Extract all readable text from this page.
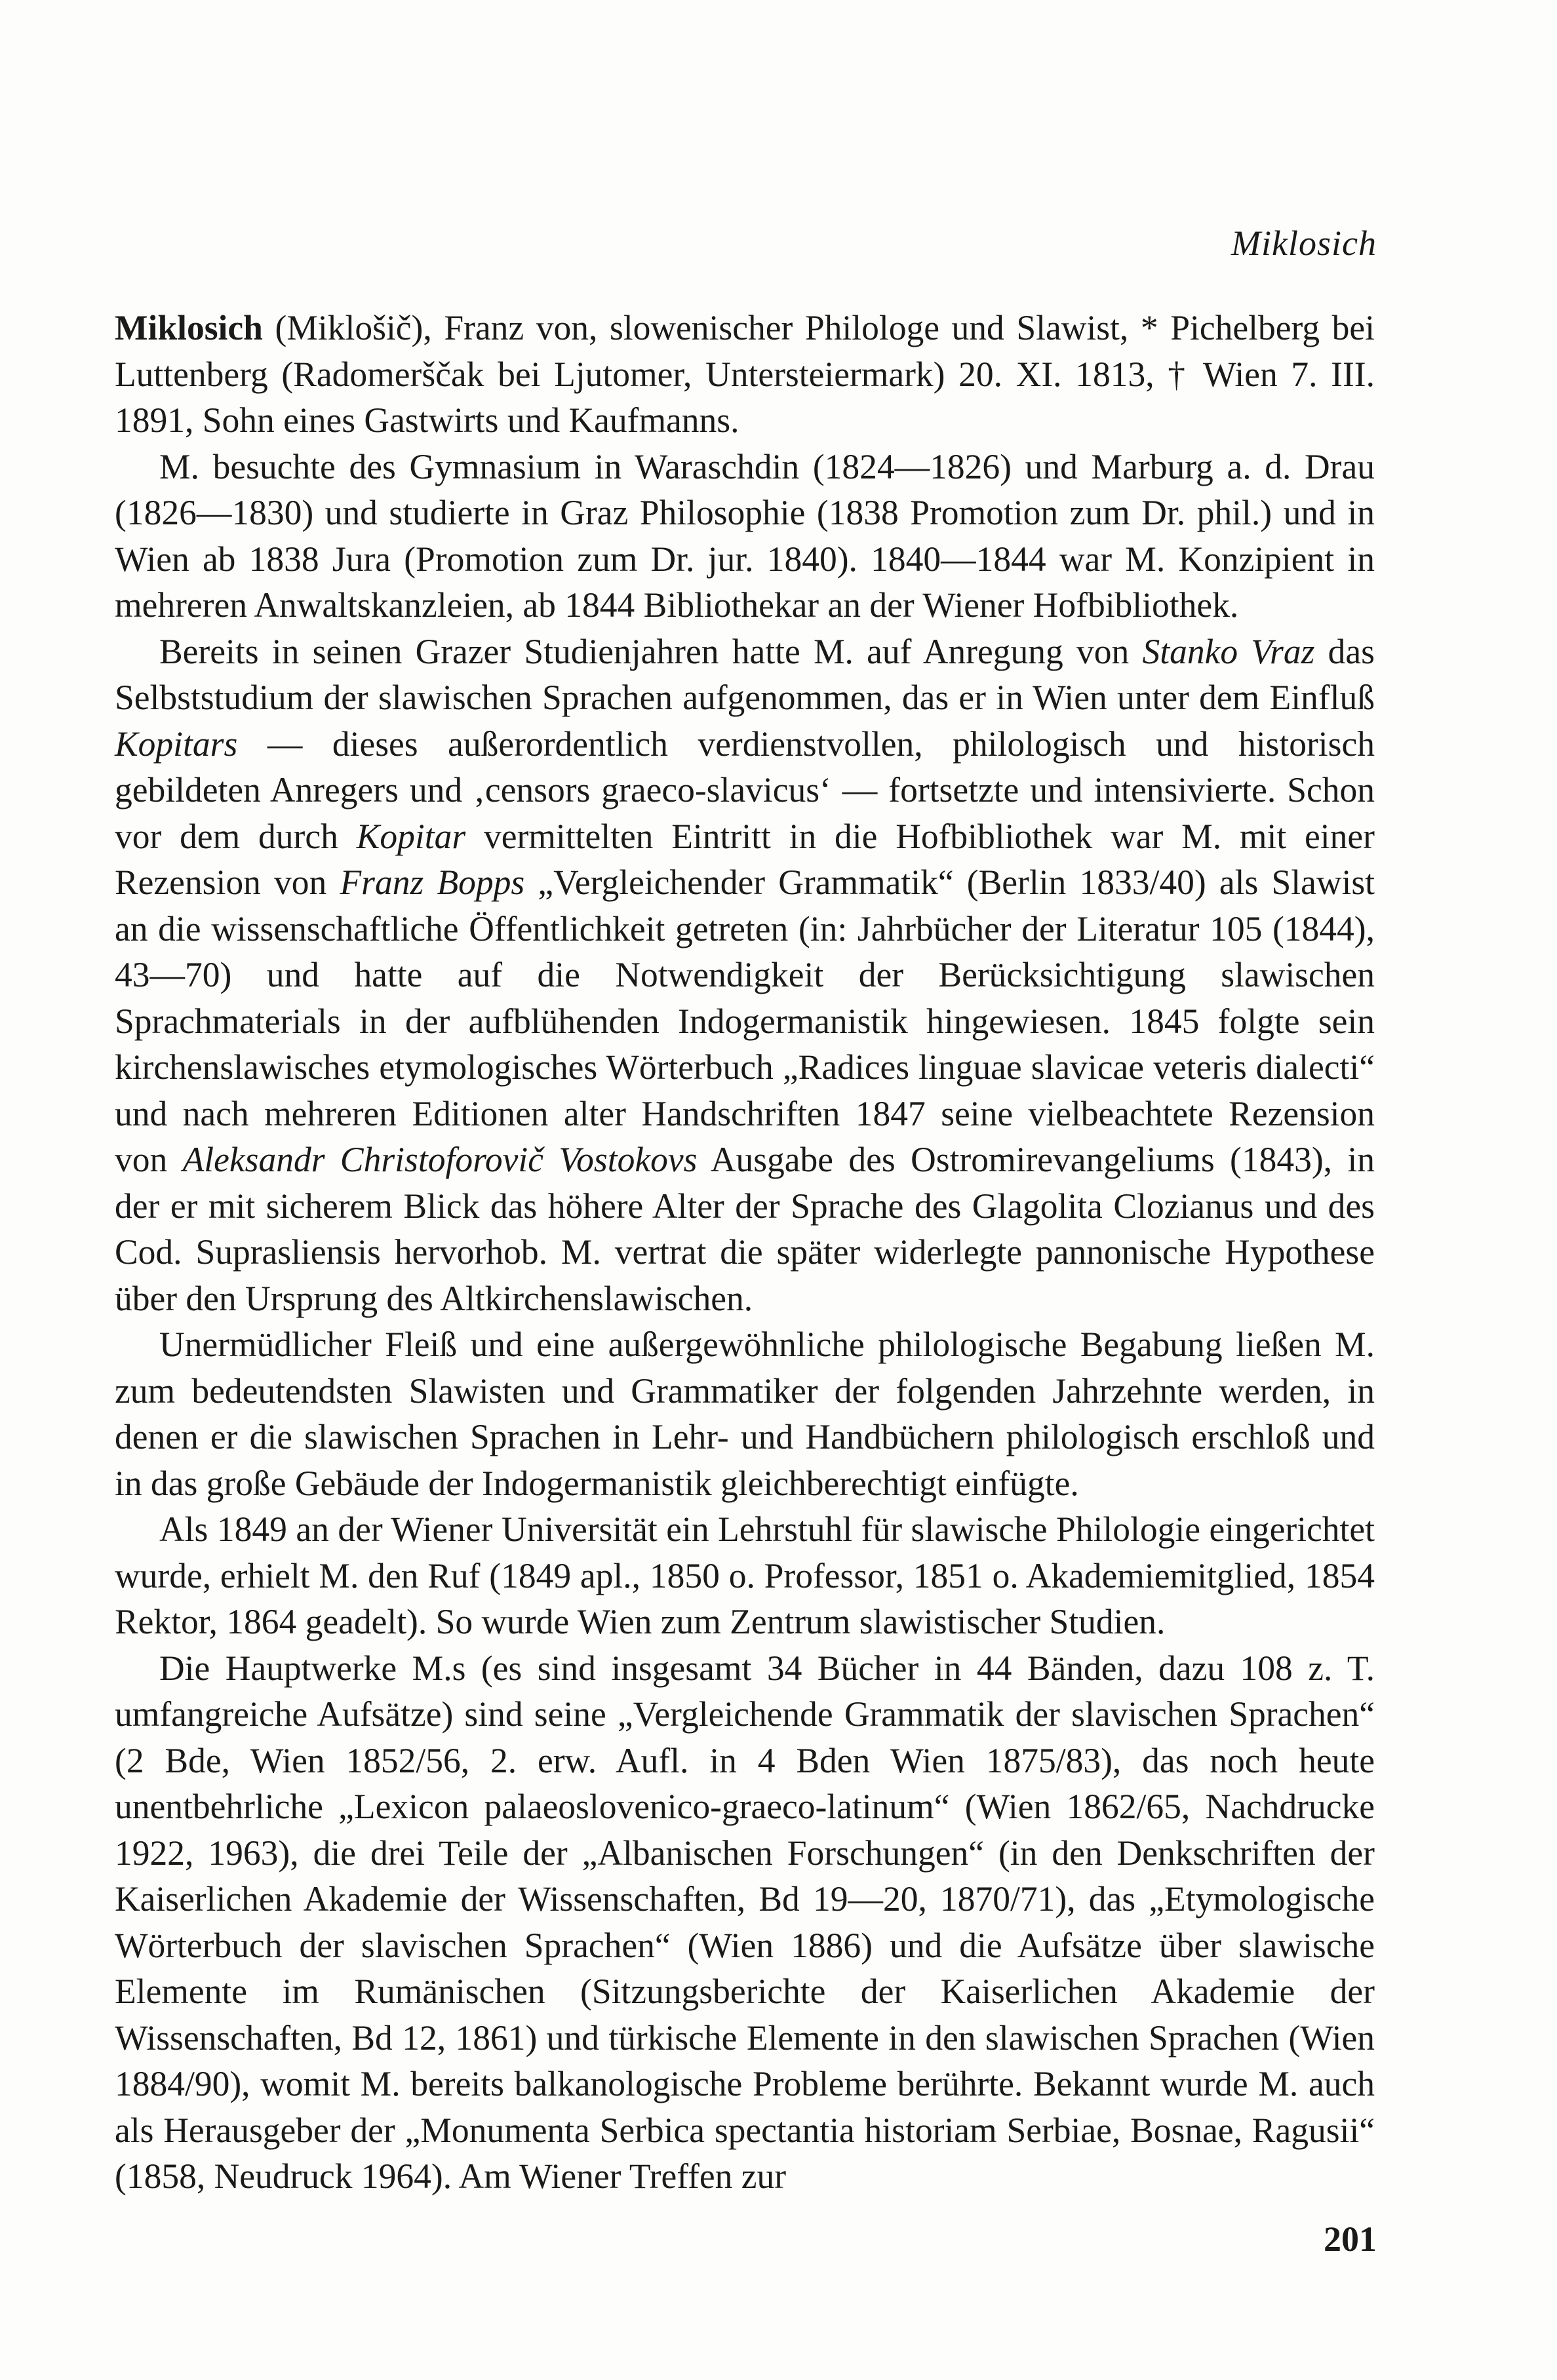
Miklosich

Miklosich (Miklošič), Franz von, slowenischer Philologe und Slawist, * Pichelberg bei Luttenberg (Radomerščak bei Ljutomer, Untersteiermark) 20. XI. 1813, † Wien 7. III. 1891, Sohn eines Gastwirts und Kaufmanns.

M. besuchte des Gymnasium in Waraschdin (1824—1826) und Marburg a. d. Drau (1826—1830) und studierte in Graz Philosophie (1838 Promotion zum Dr. phil.) und in Wien ab 1838 Jura (Promotion zum Dr. jur. 1840). 1840—1844 war M. Konzipient in mehreren Anwaltskanzleien, ab 1844 Bibliothekar an der Wiener Hofbibliothek.

Bereits in seinen Grazer Studienjahren hatte M. auf Anregung von Stanko Vraz das Selbststudium der slawischen Sprachen aufgenommen, das er in Wien unter dem Einfluß Kopitars — dieses außerordentlich verdienstvollen, philologisch und historisch gebildeten Anregers und ‚censors graeco-slavicus‘ — fortsetzte und intensivierte. Schon vor dem durch Kopitar vermittelten Eintritt in die Hofbibliothek war M. mit einer Rezension von Franz Bopps „Vergleichender Grammatik“ (Berlin 1833/40) als Slawist an die wissenschaftliche Öffentlichkeit getreten (in: Jahrbücher der Literatur 105 (1844), 43—70) und hatte auf die Notwendigkeit der Berücksichtigung slawischen Sprachmaterials in der aufblühenden Indogermanistik hingewiesen. 1845 folgte sein kirchenslawisches etymologisches Wörterbuch „Radices linguae slavicae veteris dialecti“ und nach mehreren Editionen alter Handschriften 1847 seine vielbeachtete Rezension von Aleksandr Christoforovič Vostokovs Ausgabe des Ostromirevangeliums (1843), in der er mit sicherem Blick das höhere Alter der Sprache des Glagolita Clozianus und des Cod. Suprasliensis hervorhob. M. vertrat die später widerlegte pannonische Hypothese über den Ursprung des Altkirchenslawischen.

Unermüdlicher Fleiß und eine außergewöhnliche philologische Begabung ließen M. zum bedeutendsten Slawisten und Grammatiker der folgenden Jahrzehnte werden, in denen er die slawischen Sprachen in Lehr- und Handbüchern philologisch erschloß und in das große Gebäude der Indogermanistik gleichberechtigt einfügte.

Als 1849 an der Wiener Universität ein Lehrstuhl für slawische Philologie eingerichtet wurde, erhielt M. den Ruf (1849 apl., 1850 o. Professor, 1851 o. Akademiemitglied, 1854 Rektor, 1864 geadelt). So wurde Wien zum Zentrum slawistischer Studien.

Die Hauptwerke M.s (es sind insgesamt 34 Bücher in 44 Bänden, dazu 108 z. T. umfangreiche Aufsätze) sind seine „Vergleichende Grammatik der slavischen Sprachen“ (2 Bde, Wien 1852/56, 2. erw. Aufl. in 4 Bden Wien 1875/83), das noch heute unentbehrliche „Lexicon palaeoslovenico-graeco-latinum“ (Wien 1862/65, Nachdrucke 1922, 1963), die drei Teile der „Albanischen Forschungen“ (in den Denkschriften der Kaiserlichen Akademie der Wissenschaften, Bd 19—20, 1870/71), das „Etymologische Wörterbuch der slavischen Sprachen“ (Wien 1886) und die Aufsätze über slawische Elemente im Rumänischen (Sitzungsberichte der Kaiserlichen Akademie der Wissenschaften, Bd 12, 1861) und türkische Elemente in den slawischen Sprachen (Wien 1884/90), womit M. bereits balkanologische Probleme berührte. Bekannt wurde M. auch als Herausgeber der „Monumenta Serbica spectantia historiam Serbiae, Bosnae, Ragusii“ (1858, Neudruck 1964). Am Wiener Treffen zur

201
